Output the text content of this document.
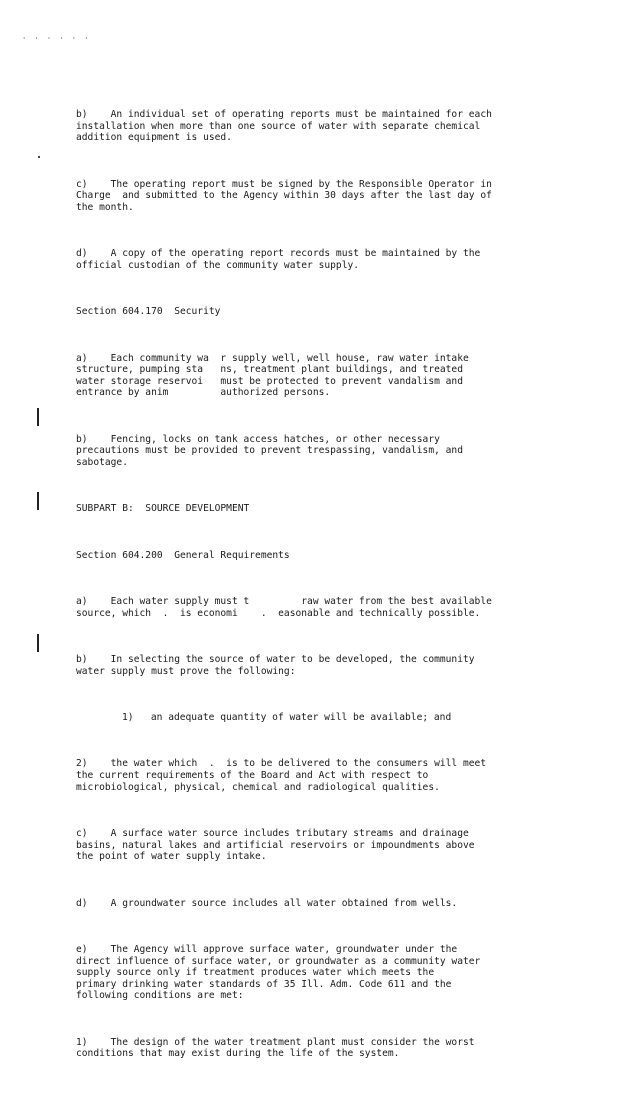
' ' ' ' ' '

b)    An individual set of operating reports must be maintained for each
installation when more than one source of water with separate chemical
addition equipment is used.

c)    The operating report must be signed by the Responsible Operator in
Charge  and submitted to the Agency within 30 days after the last day of
the month.

d)    A copy of the operating report records must be maintained by the
official custodian of the community water supply.

Section 604.170  Security

a)    Each community wa  r supply well, well house, raw water intake
structure, pumping sta   ns, treatment plant buildings, and treated
water storage reservoi   must be protected to prevent vandalism and
entrance by anim         authorized persons.

b)    Fencing, locks on tank access hatches, or other necessary
precautions must be provided to prevent trespassing, vandalism, and
sabotage.

SUBPART B:  SOURCE DEVELOPMENT

Section 604.200  General Requirements

a)    Each water supply must t         raw water from the best available
source, which  .  is economi    .  easonable and technically possible.

b)    In selecting the source of water to be developed, the community
water supply must prove the following:

1)   an adequate quantity of water will be available; and

2)    the water which  .  is to be delivered to the consumers will meet
the current requirements of the Board and Act with respect to
microbiological, physical, chemical and radiological qualities.

c)    A surface water source includes tributary streams and drainage
basins, natural lakes and artificial reservoirs or impoundments above
the point of water supply intake.

d)    A groundwater source includes all water obtained from wells.

e)    The Agency will approve surface water, groundwater under the
direct influence of surface water, or groundwater as a community water
supply source only if treatment produces water which meets the
primary drinking water standards of 35 Ill. Adm. Code 611 and the
following conditions are met:

1)    The design of the water treatment plant must consider the worst
conditions that may exist during the life of the system.
